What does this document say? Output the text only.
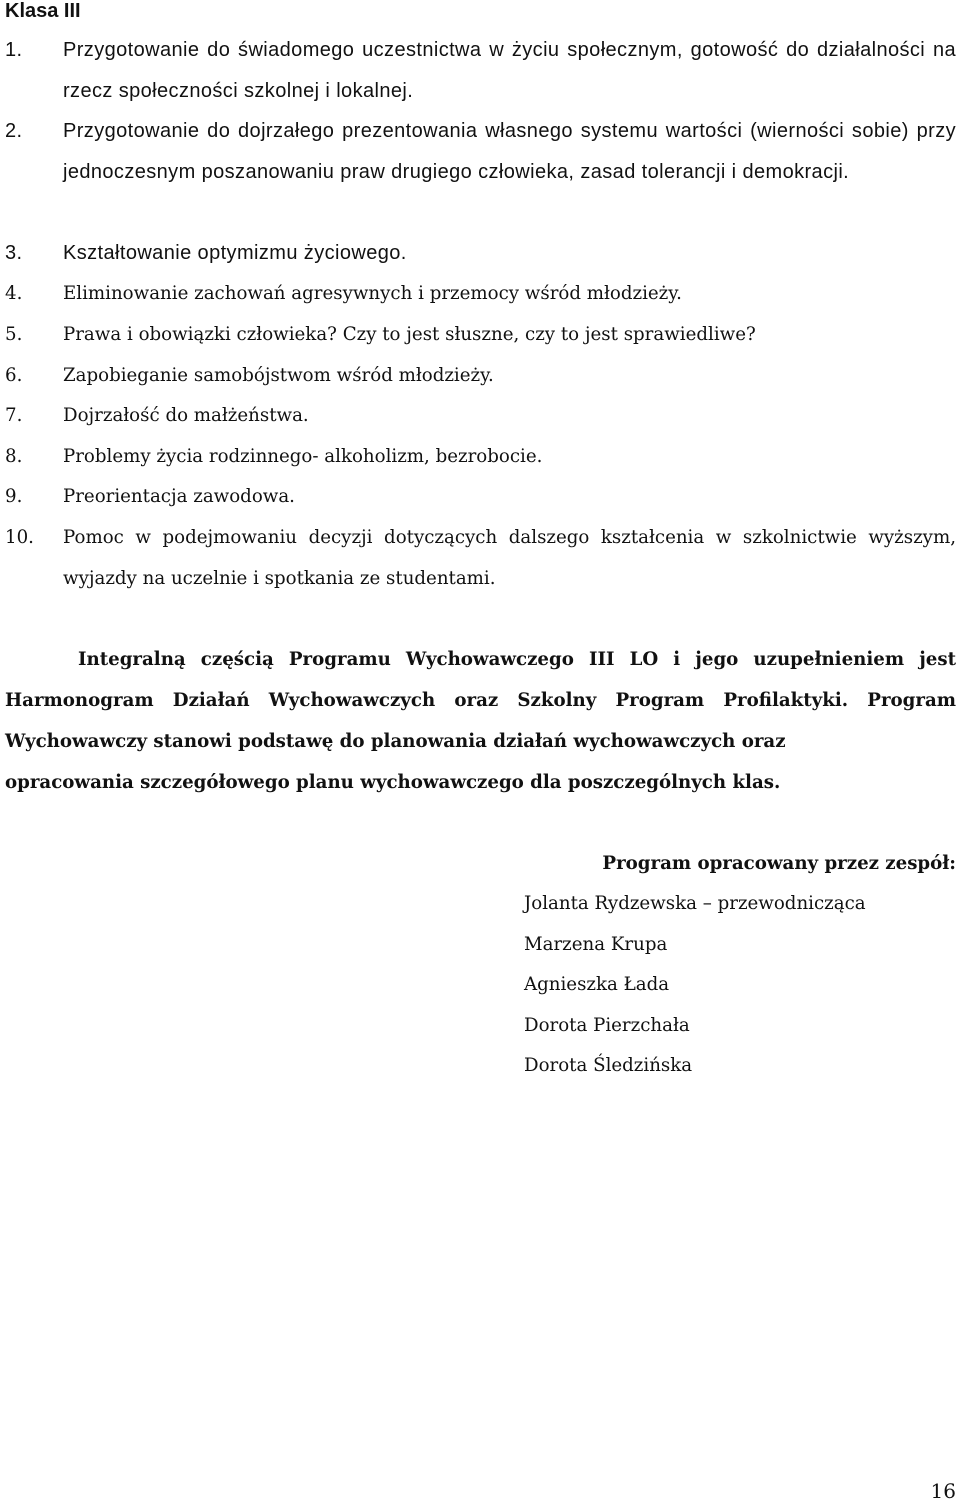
Klasa III
1. Przygotowanie do świadomego uczestnictwa w życiu społecznym, gotowość do działalności na rzecz społeczności szkolnej i lokalnej.

2. Przygotowanie do dojrzałego prezentowania własnego systemu wartości (wierności sobie) przy jednoczesnym poszanowaniu praw drugiego człowieka, zasad tolerancji i demokracji.

3. Kształtowanie optymizmu życiowego.

4. Eliminowanie zachowań agresywnych i przemocy wśród młodzieży.

5. Prawa i obowiązki człowieka? Czy to jest słuszne, czy to jest sprawiedliwe?

6. Zapobieganie samobójstwom wśród młodzieży.

7. Dojrzałość do małżeństwa.

8. Problemy życia rodzinnego- alkoholizm, bezrobocie.

9. Preorientacja zawodowa.

10. Pomoc w podejmowaniu decyzji dotyczących dalszego kształcenia w szkolnictwie wyższym, wyjazdy na uczelnie i spotkania ze studentami.

Integralną częścią Programu Wychowawczego III LO i jego uzupełnieniem jest Harmonogram Działań Wychowawczych oraz Szkolny Program Profilaktyki. Program Wychowawczy stanowi podstawę do planowania działań wychowawczych oraz
opracowania szczegółowego planu wychowawczego dla poszczególnych klas.

Program opracowany przez zespół:

Jolanta Rydzewska – przewodnicząca
Marzena Krupa
Agnieszka Łada
Dorota Pierzchała
Dorota Śledzińska

16
